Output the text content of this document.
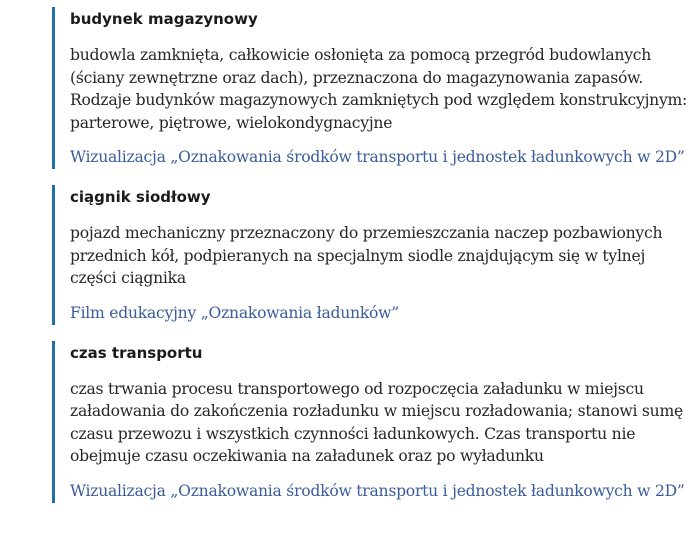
budynek magazynowy

budowla zamknięta, całkowicie osłonięta za pomocą przegród budowlanych (ściany zewnętrzne oraz dach), przeznaczona do magazynowania zapasów. Rodzaje budynków magazynowych zamkniętych pod względem konstrukcyjnym: parterowe, piętrowe, wielokondygnacyjne

Wizualizacja „Oznakowania środków transportu i jednostek ładunkowych w 2D”
ciągnik siodłowy

pojazd mechaniczny przeznaczony do przemieszczania naczep pozbawionych przednich kół, podpieranych na specjalnym siodle znajdującym się w tylnej części ciągnika

Film edukacyjny „Oznakowania ładunków”
czas transportu

czas trwania procesu transportowego od rozpoczęcia załadunku w miejscu załadowania do zakończenia rozładunku w miejscu rozładowania; stanowi sumę czasu przewozu i wszystkich czynności ładunkowych. Czas transportu nie obejmuje czasu oczekiwania na załadunek oraz po wyładunku

Wizualizacja „Oznakowania środków transportu i jednostek ładunkowych w 2D”
